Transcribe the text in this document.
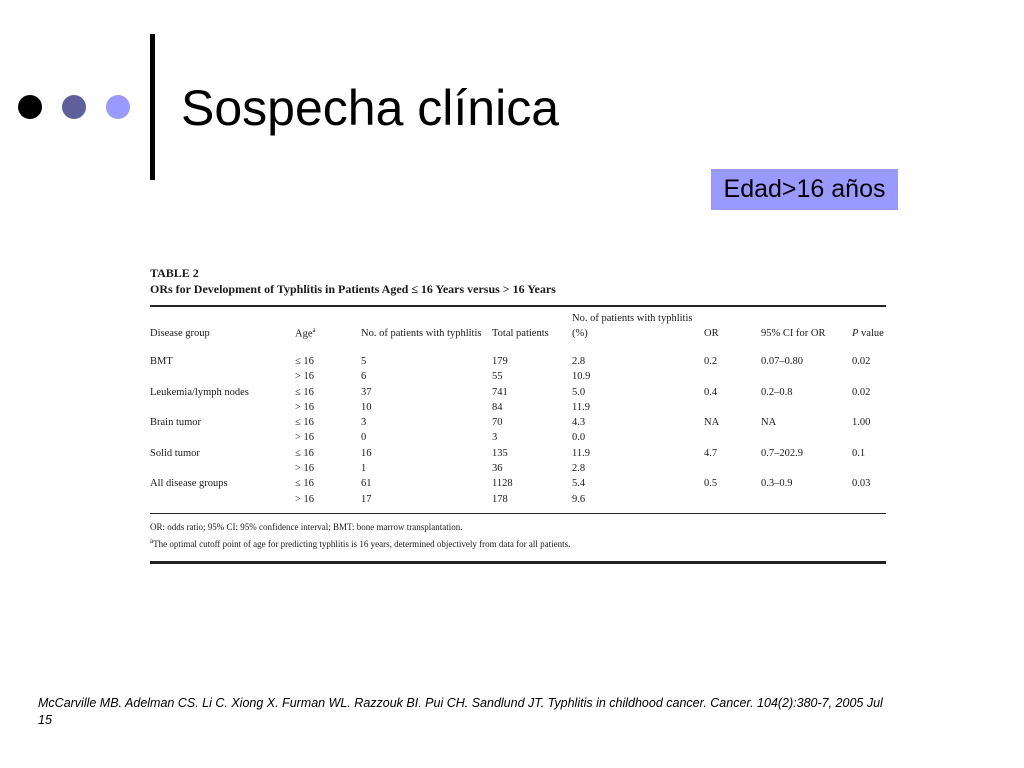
Sospecha clínica
Edad>16 años
TABLE 2
ORs for Development of Typhlitis in Patients Aged ≤ 16 Years versus > 16 Years
Disease group	Age$^a$	No. of patients with typhlitis	Total patients	No. of patients with typhlitis (%)	OR	95% CI for OR	P value
BMT	≤ 16	5	179	2.8	0.2	0.07–0.80	0.02
	> 16	6	55	10.9			
Leukemia/lymph nodes	≤ 16	37	741	5.0	0.4	0.2–0.8	0.02
	> 16	10	84	11.9			
Brain tumor	≤ 16	3	70	4.3	NA	NA	1.00
	> 16	0	3	0.0			
Solid tumor	≤ 16	16	135	11.9	4.7	0.7–202.9	0.1
	> 16	1	36	2.8			
All disease groups	≤ 16	61	1128	5.4	0.5	0.3–0.9	0.03
	> 16	17	178	9.6			
OR: odds ratio; 95% CI: 95% confidence interval; BMT: bone marrow transplantation.
$^a$The optimal cutoff point of age for predicting typhlitis is 16 years, determined objectively from data for all patients.
McCarville MB. Adelman CS. Li C. Xiong X. Furman WL. Razzouk BI. Pui CH. Sandlund JT. Typhlitis in childhood cancer. Cancer. 104(2):380-7, 2005 Jul 15
